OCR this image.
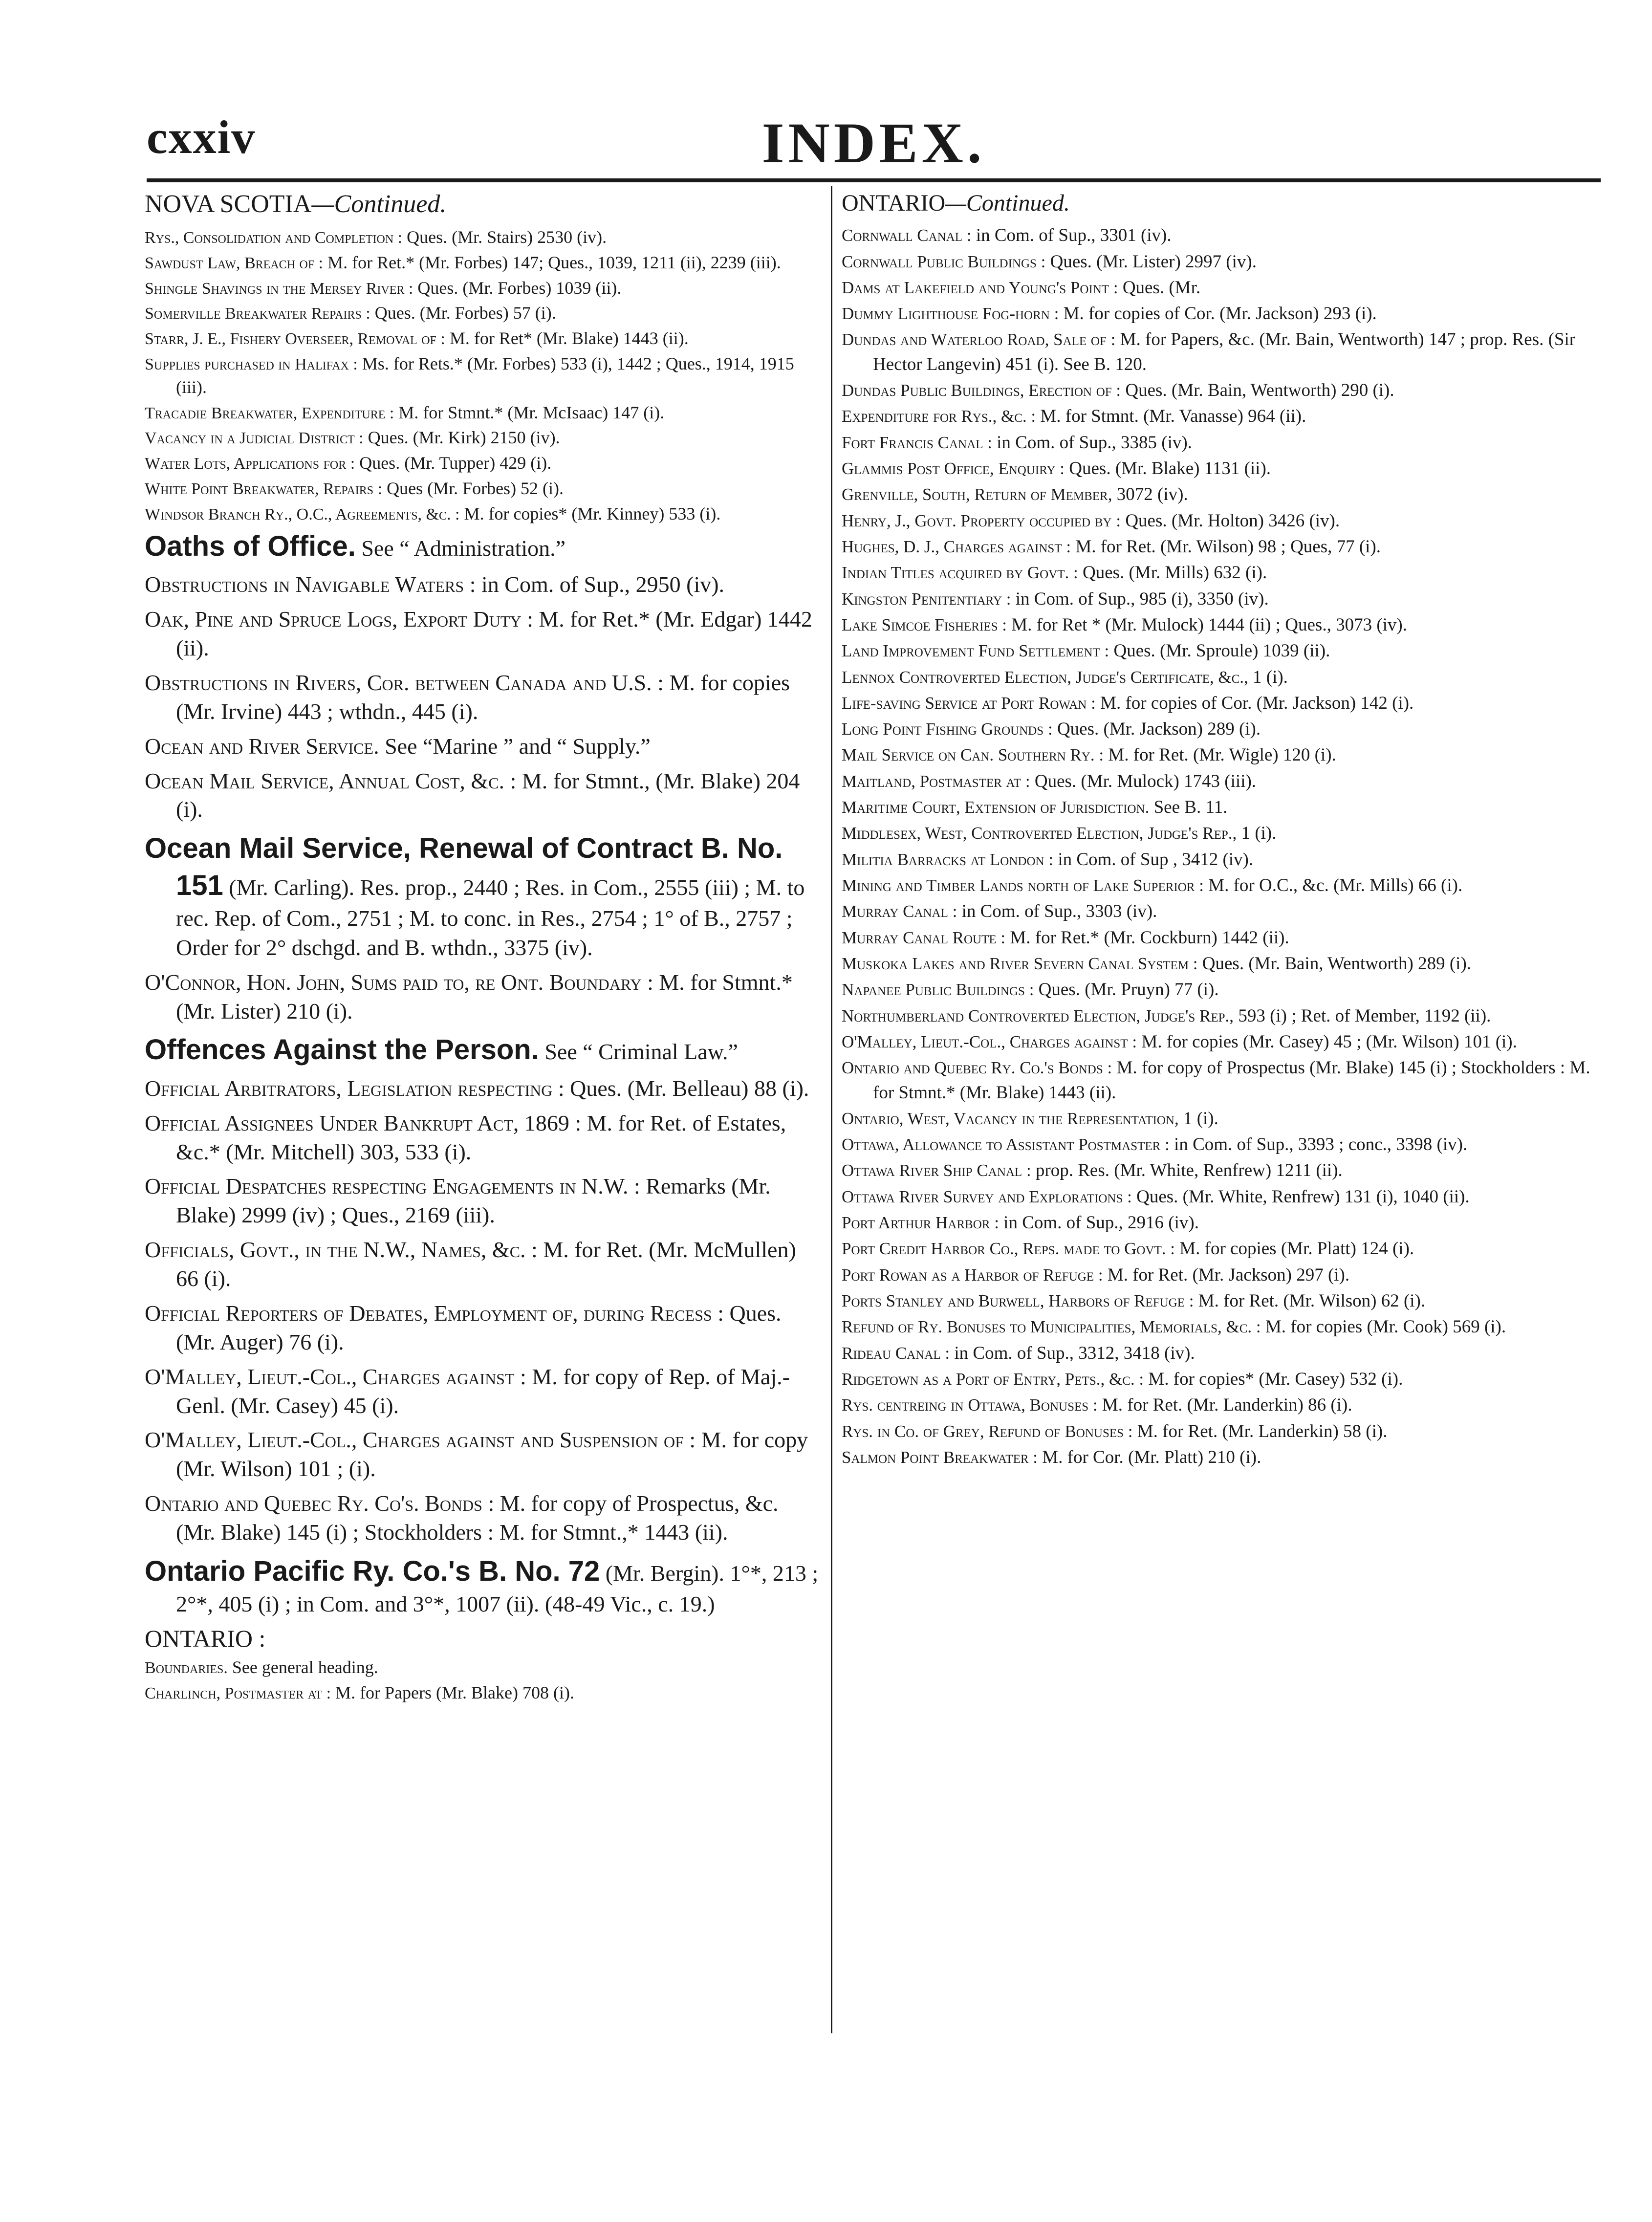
cxxiv	INDEX.
NOVA SCOTIA—Continued.

Rys., Consolidation and Completion : Ques. (Mr. Stairs) 2530 (iv).

Sawdust Law, Breach of : M. for Ret.* (Mr. Forbes) 147; Ques., 1039, 1211 (ii), 2239 (iii).

Shingle Shavings in the Mersey River : Ques. (Mr. Forbes) 1039 (ii).

Somerville Breakwater Repairs : Ques. (Mr. Forbes) 57 (i).

Starr, J. E., Fishery Overseer, Removal of : M. for Ret* (Mr. Blake) 1443 (ii).

Supplies purchased in Halifax : Ms. for Rets.* (Mr. Forbes) 533 (i), 1442 ; Ques., 1914, 1915 (iii).

Tracadie Breakwater, Expenditure : M. for Stmnt.* (Mr. McIsaac) 147 (i).

Vacancy in a Judicial District : Ques. (Mr. Kirk) 2150 (iv).

Water Lots, Applications for : Ques. (Mr. Tupper) 429 (i).

White Point Breakwater, Repairs : Ques (Mr. Forbes) 52 (i).

Windsor Branch Ry., O.C., Agreements, &c. : M. for copies* (Mr. Kinney) 533 (i).

Oaths of Office. See “ Administration.”

Obstructions in Navigable Waters : in Com. of Sup., 2950 (iv).

Oak, Pine and Spruce Logs, Export Duty : M. for Ret.* (Mr. Edgar) 1442 (ii).

Obstructions in Rivers, Cor. between Canada and U.S. : M. for copies (Mr. Irvine) 443 ; wthdn., 445 (i).

Ocean and River Service. See “Marine ” and “ Supply.”

Ocean Mail Service, Annual Cost, &c. : M. for Stmnt., (Mr. Blake) 204 (i).

Ocean Mail Service, Renewal of Contract B. No. 151 (Mr. Carling). Res. prop., 2440 ; Res. in Com., 2555 (iii) ; M. to rec. Rep. of Com., 2751 ; M. to conc. in Res., 2754 ; 1° of B., 2757 ; Order for 2° dschgd. and B. wthdn., 3375 (iv).

O'Connor, Hon. John, Sums paid to, re Ont. Boundary : M. for Stmnt.* (Mr. Lister) 210 (i).

Offences Against the Person. See “ Criminal Law.”

Official Arbitrators, Legislation respecting : Ques. (Mr. Belleau) 88 (i).

Official Assignees Under Bankrupt Act, 1869 : M. for Ret. of Estates, &c.* (Mr. Mitchell) 303, 533 (i).

Official Despatches respecting Engagements in N.W. : Remarks (Mr. Blake) 2999 (iv) ; Ques., 2169 (iii).

Officials, Govt., in the N.W., Names, &c. : M. for Ret. (Mr. McMullen) 66 (i).

Official Reporters of Debates, Employment of, during Recess : Ques. (Mr. Auger) 76 (i).

O'Malley, Lieut.-Col., Charges against : M. for copy of Rep. of Maj.-Genl. (Mr. Casey) 45 (i).

O'Malley, Lieut.-Col., Charges against and Suspension of : M. for copy (Mr. Wilson) 101 ; (i).

Ontario and Quebec Ry. Co's. Bonds : M. for copy of Prospectus, &c. (Mr. Blake) 145 (i) ; Stockholders : M. for Stmnt.,* 1443 (ii).

Ontario Pacific Ry. Co.'s B. No. 72 (Mr. Bergin). 1°*, 213 ; 2°*, 405 (i) ; in Com. and 3°*, 1007 (ii). (48-49 Vic., c. 19.)

ONTARIO :

Boundaries. See general heading.

Charlinch, Postmaster at : M. for Papers (Mr. Blake) 708 (i).

ONTARIO—Continued.

Cornwall Canal : in Com. of Sup., 3301 (iv).

Cornwall Public Buildings : Ques. (Mr. Lister) 2997 (iv).

Dams at Lakefield and Young's Point : Ques. (Mr.

Dummy Lighthouse Fog-horn : M. for copies of Cor. (Mr. Jackson) 293 (i).

Dundas and Waterloo Road, Sale of : M. for Papers, &c. (Mr. Bain, Wentworth) 147 ; prop. Res. (Sir Hector Langevin) 451 (i). See B. 120.

Dundas Public Buildings, Erection of : Ques. (Mr. Bain, Wentworth) 290 (i).

Expenditure for Rys., &c. : M. for Stmnt. (Mr. Vanasse) 964 (ii).

Fort Francis Canal : in Com. of Sup., 3385 (iv).

Glammis Post Office, Enquiry : Ques. (Mr. Blake) 1131 (ii).

Grenville, South, Return of Member, 3072 (iv).

Henry, J., Govt. Property occupied by : Ques. (Mr. Holton) 3426 (iv).

Hughes, D. J., Charges against : M. for Ret. (Mr. Wilson) 98 ; Ques, 77 (i).

Indian Titles acquired by Govt. : Ques. (Mr. Mills) 632 (i).

Kingston Penitentiary : in Com. of Sup., 985 (i), 3350 (iv).

Lake Simcoe Fisheries : M. for Ret * (Mr. Mulock) 1444 (ii) ; Ques., 3073 (iv).

Land Improvement Fund Settlement : Ques. (Mr. Sproule) 1039 (ii).

Lennox Controverted Election, Judge's Certificate, &c., 1 (i).

Life-saving Service at Port Rowan : M. for copies of Cor. (Mr. Jackson) 142 (i).

Long Point Fishing Grounds : Ques. (Mr. Jackson) 289 (i).

Mail Service on Can. Southern Ry. : M. for Ret. (Mr. Wigle) 120 (i).

Maitland, Postmaster at : Ques. (Mr. Mulock) 1743 (iii).

Maritime Court, Extension of Jurisdiction. See B. 11.

Middlesex, West, Controverted Election, Judge's Rep., 1 (i).

Militia Barracks at London : in Com. of Sup , 3412 (iv).

Mining and Timber Lands north of Lake Superior : M. for O.C., &c. (Mr. Mills) 66 (i).

Murray Canal : in Com. of Sup., 3303 (iv).

Murray Canal Route : M. for Ret.* (Mr. Cockburn) 1442 (ii).

Muskoka Lakes and River Severn Canal System : Ques. (Mr. Bain, Wentworth) 289 (i).

Napanee Public Buildings : Ques. (Mr. Pruyn) 77 (i).

Northumberland Controverted Election, Judge's Rep., 593 (i) ; Ret. of Member, 1192 (ii).

O'Malley, Lieut.-Col., Charges against : M. for copies (Mr. Casey) 45 ; (Mr. Wilson) 101 (i).

Ontario and Quebec Ry. Co.'s Bonds : M. for copy of Prospectus (Mr. Blake) 145 (i) ; Stockholders : M. for Stmnt.* (Mr. Blake) 1443 (ii).

Ontario, West, Vacancy in the Representation, 1 (i).

Ottawa, Allowance to Assistant Postmaster : in Com. of Sup., 3393 ; conc., 3398 (iv).

Ottawa River Ship Canal : prop. Res. (Mr. White, Renfrew) 1211 (ii).

Ottawa River Survey and Explorations : Ques. (Mr. White, Renfrew) 131 (i), 1040 (ii).

Port Arthur Harbor : in Com. of Sup., 2916 (iv).

Port Credit Harbor Co., Reps. made to Govt. : M. for copies (Mr. Platt) 124 (i).

Port Rowan as a Harbor of Refuge : M. for Ret. (Mr. Jackson) 297 (i).

Ports Stanley and Burwell, Harbors of Refuge : M. for Ret. (Mr. Wilson) 62 (i).

Refund of Ry. Bonuses to Municipalities, Memorials, &c. : M. for copies (Mr. Cook) 569 (i).

Rideau Canal : in Com. of Sup., 3312, 3418 (iv).

Ridgetown as a Port of Entry, Pets., &c. : M. for copies* (Mr. Casey) 532 (i).

Rys. centreing in Ottawa, Bonuses : M. for Ret. (Mr. Landerkin) 86 (i).

Rys. in Co. of Grey, Refund of Bonuses : M. for Ret. (Mr. Landerkin) 58 (i).

Salmon Point Breakwater : M. for Cor. (Mr. Platt) 210 (i).
